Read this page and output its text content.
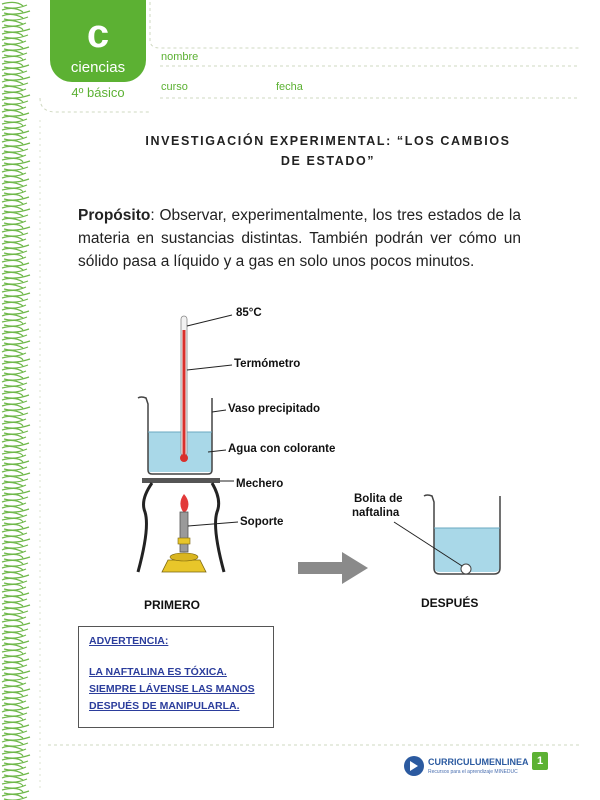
c
ciencias
4º básico
nombre
curso	fecha
INVESTIGACIÓN EXPERIMENTAL: “LOS CAMBIOS
DE ESTADO”
Propósito: Observar, experimentalmente, los tres estados de la materia en sustancias distintas. También podrán ver cómo un sólido pasa a líquido y a gas en solo unos pocos minutos.
85°C
Termómetro
Vaso precipitado
Agua con colorante
Mechero
Soporte
Bolita de
naftalina
PRIMERO	DESPUÉS
ADVERTENCIA:
LA NAFTALINA ES TÓXICA. SIEMPRE LÁVENSE LAS MANOS DESPUÉS DE MANIPULARLA.
CURRICULUMENLINEA
Recursos para el aprendizaje MINEDUC
1
